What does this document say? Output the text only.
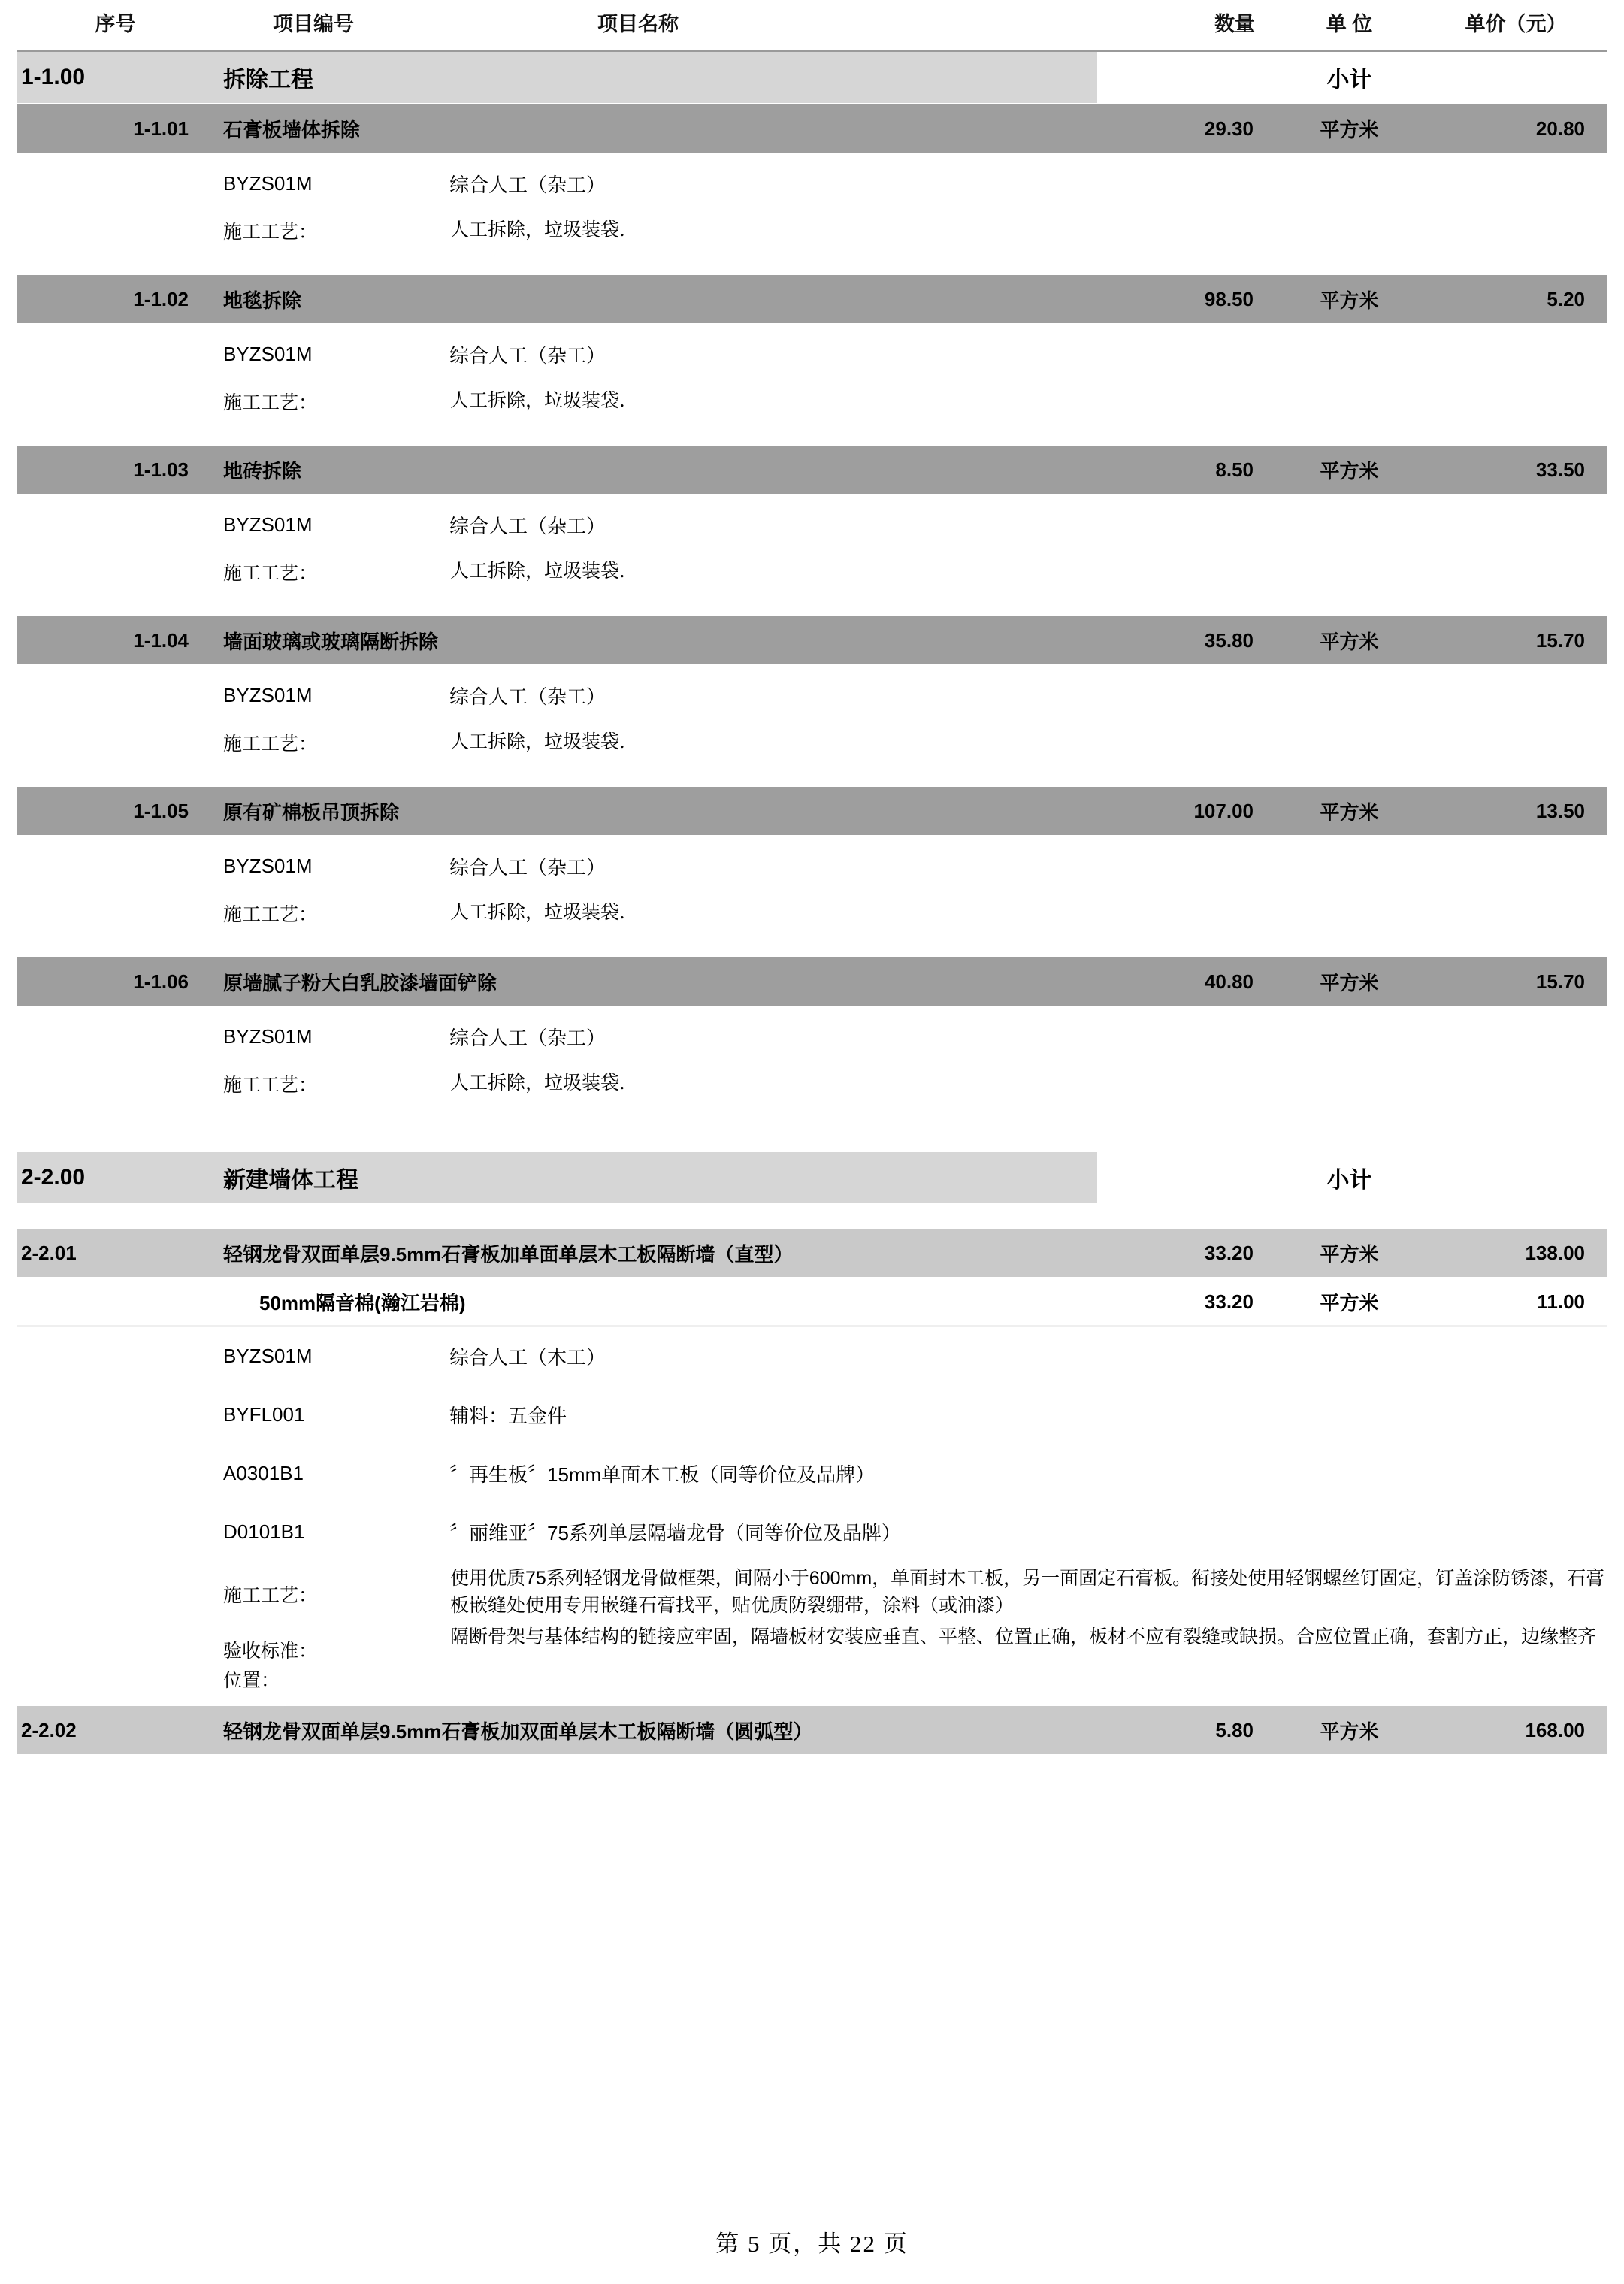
序号	项目编号	项目名称	数量	单 位	单价（元）	
1-1.00	拆除工程			小计		
1-1.01	石膏板墙体拆除		29.30	平方米	20.80	
	BYZS01M	综合人工（杂工）				
	施工工艺：	人工拆除，垃圾装袋．				
1-1.02	地毯拆除		98.50	平方米	5.20	
	BYZS01M	综合人工（杂工）				
	施工工艺：	人工拆除，垃圾装袋．				
1-1.03	地砖拆除		8.50	平方米	33.50	
	BYZS01M	综合人工（杂工）				
	施工工艺：	人工拆除，垃圾装袋．				
1-1.04	墙面玻璃或玻璃隔断拆除		35.80	平方米	15.70	
	BYZS01M	综合人工（杂工）				
	施工工艺：	人工拆除，垃圾装袋．				
1-1.05	原有矿棉板吊顶拆除		107.00	平方米	13.50	
	BYZS01M	综合人工（杂工）				
	施工工艺：	人工拆除，垃圾装袋．				
1-1.06	原墙腻子粉大白乳胶漆墙面铲除		40.80	平方米	15.70	
	BYZS01M	综合人工（杂工）				
	施工工艺：	人工拆除，垃圾装袋．				

2-2.00	新建墙体工程			小计		

2-2.01	轻钢龙骨双面单层9.5mm石膏板加单面单层木工板隔断墙（直型）		33.20	平方米	138.00	
	50mm隔音棉(瀚江岩棉)		33.20	平方米	11.00	
	BYZS01M	综合人工（木工）				
	BYFL001	辅料：五金件				
	A0301B1	〞再生板〞15mm单面木工板（同等价位及品牌）				
	D0101B1	〞丽维亚〞75系列单层隔墙龙骨（同等价位及品牌）				
	施工工艺：	使用优质75系列轻钢龙骨做框架，间隔小于600mm，单面封木工板，另一面固定石膏板。衔接处使用轻钢螺丝钉固定，钉盖涂防锈漆，石膏板嵌缝处使用专用嵌缝石膏找平，贴优质防裂绷带，涂料（或油漆）				

	验收标准：	隔断骨架与基体结构的链接应牢固，隔墙板材安装应垂直、平整、位置正确，板材不应有裂缝或缺损。合应位置正确，套割方正，边缘整齐				

	位置：					
2-2.02	轻钢龙骨双面单层9.5mm石膏板加双面单层木工板隔断墙（圆弧型）		5.80	平方米	168.00	
第 5 页，共 22 页
